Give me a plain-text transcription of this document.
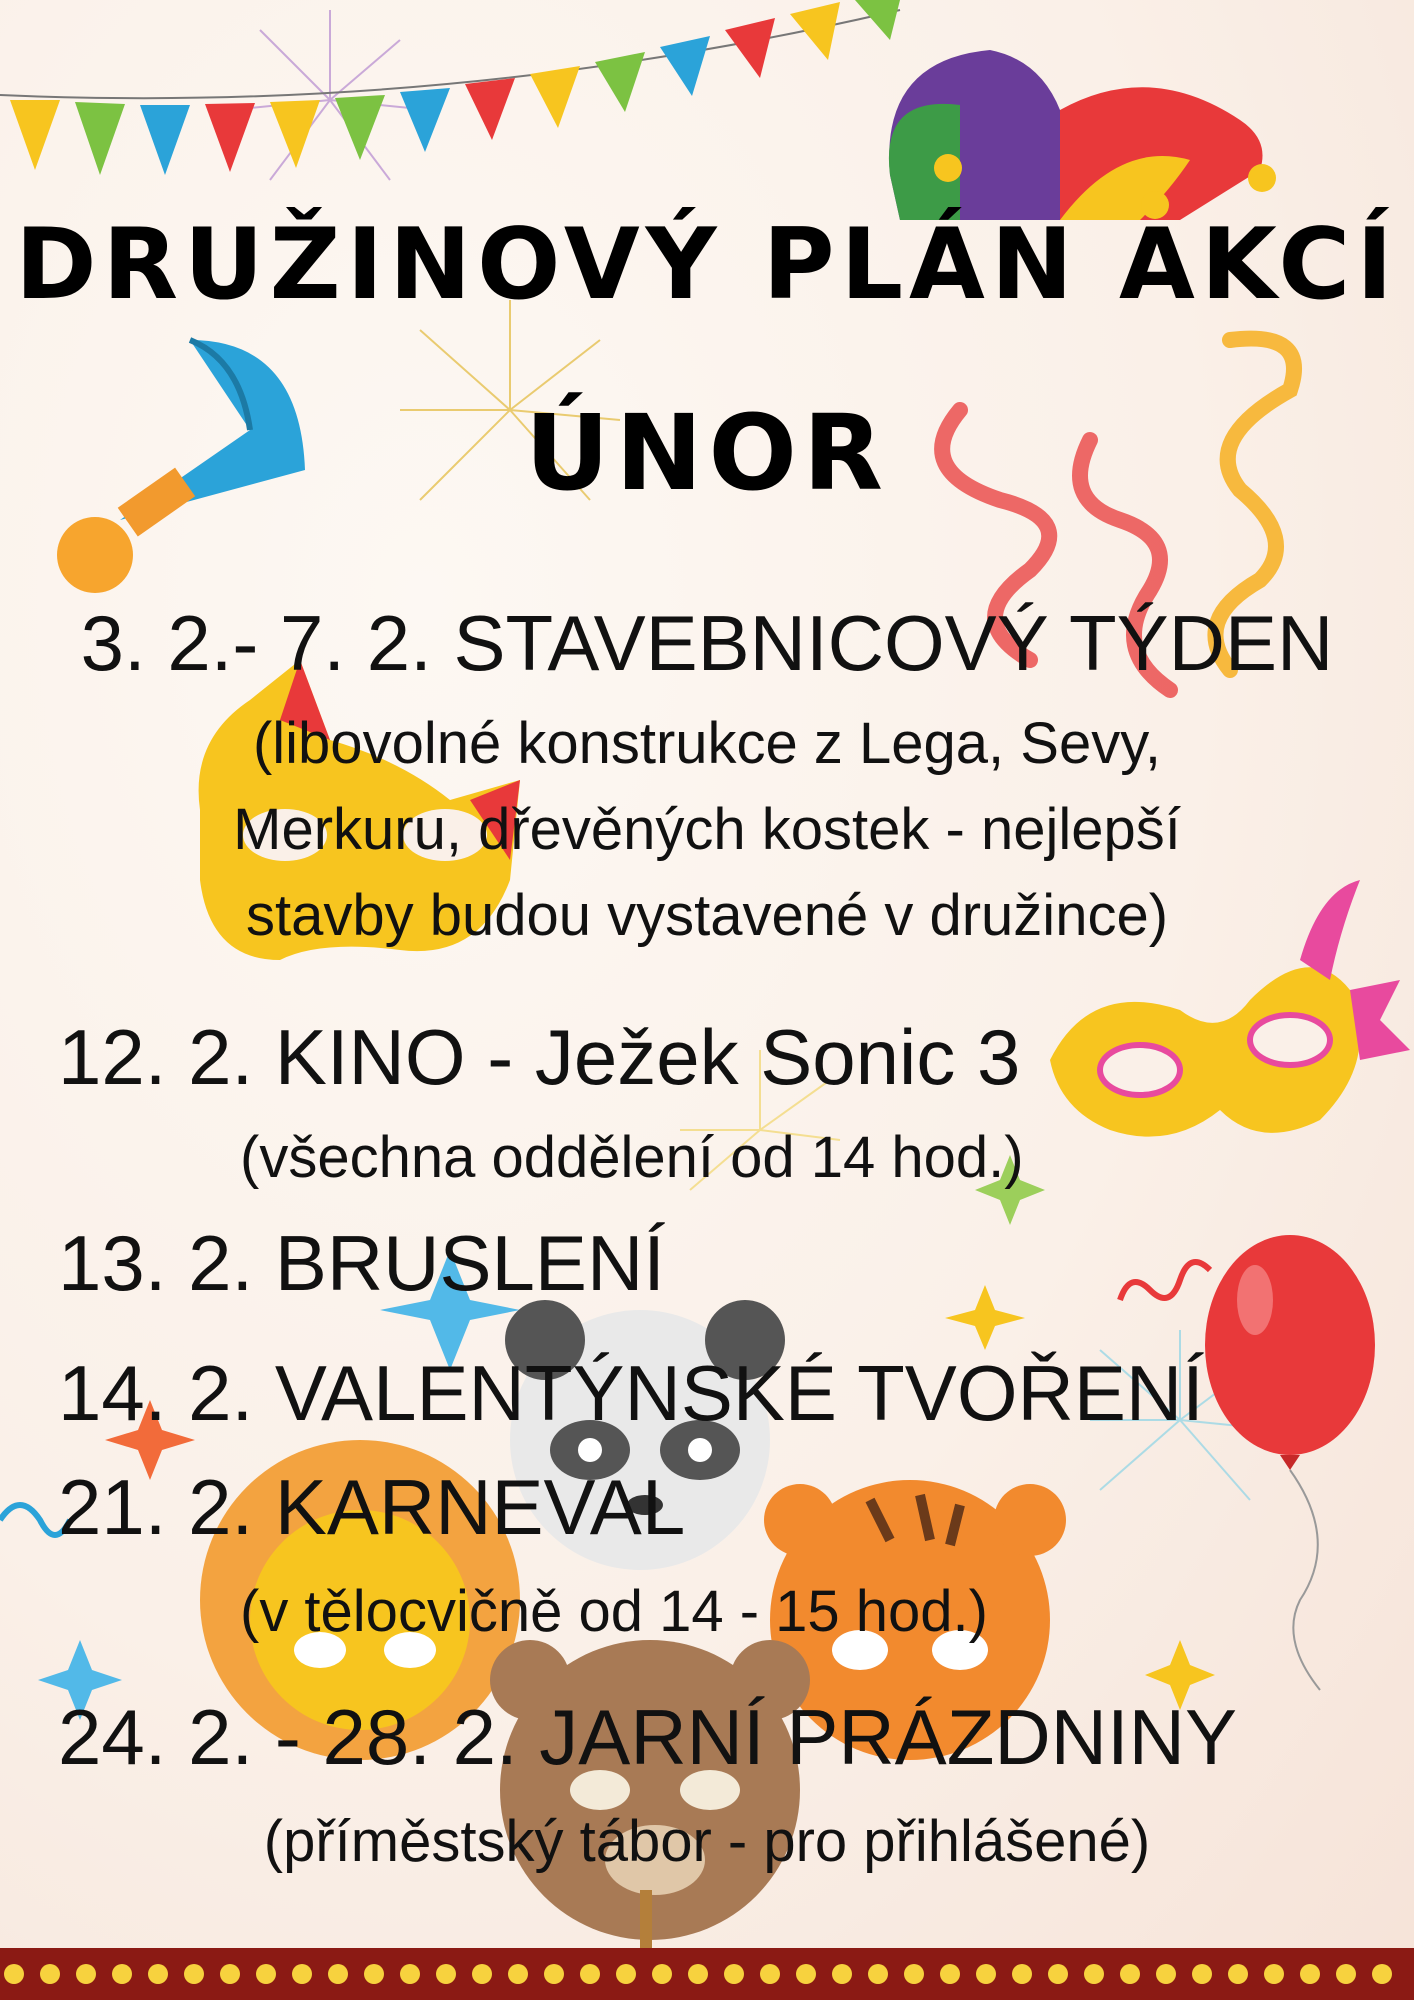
DRUŽINOVÝ PLÁN AKCÍ
ÚNOR
3. 2.- 7. 2. STAVEBNICOVÝ TÝDEN
(libovolné konstrukce z Lega, Sevy,
Merkuru, dřevěných kostek - nejlepší
stavby budou vystavené v družince)
12. 2. KINO - Ježek Sonic 3
(všechna oddělení od 14 hod.)
13. 2. BRUSLENÍ
14. 2. VALENTÝNSKÉ TVOŘENÍ
21. 2. KARNEVAL
(v tělocvičně od 14 - 15 hod.)
24. 2. - 28. 2. JARNÍ PRÁZDNINY
(příměstský tábor - pro přihlášené)
